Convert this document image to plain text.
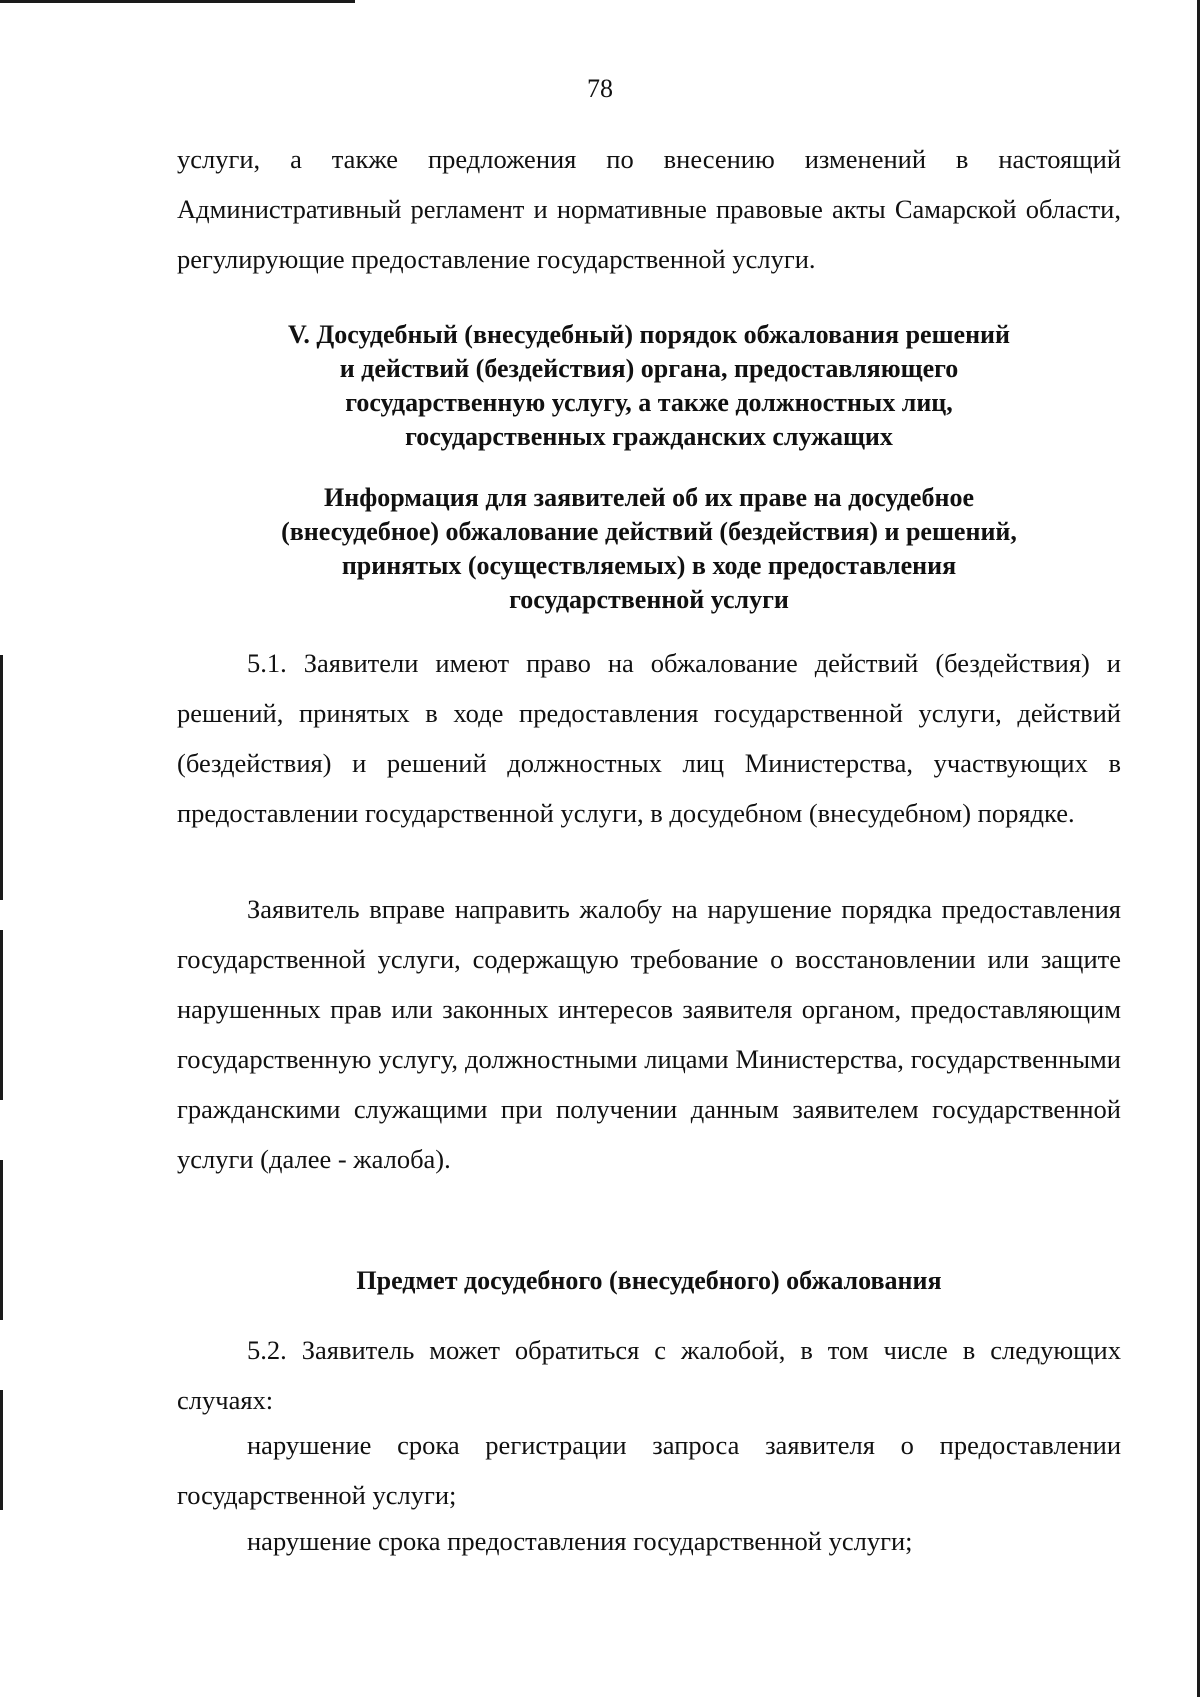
78

услуги, а также предложения по внесению изменений в настоящий Административный регламент и нормативные правовые акты Самарской области, регулирующие предоставление государственной услуги.

V. Досудебный (внесудебный) порядок обжалования решений
и действий (бездействия) органа, предоставляющего
государственную услугу, а также должностных лиц,
государственных гражданских служащих
Информация для заявителей об их праве на досудебное
(внесудебное) обжалование действий (бездействия) и решений,
принятых (осуществляемых) в ходе предоставления
государственной услуги

5.1. Заявители имеют право на обжалование действий (бездействия) и решений, принятых в ходе предоставления государственной услуги, действий (бездействия) и решений должностных лиц Министерства, участвующих в предоставлении государственной услуги, в досудебном (внесудебном) порядке.

Заявитель вправе направить жалобу на нарушение порядка предоставления государственной услуги, содержащую требование о восстановлении или защите нарушенных прав или законных интересов заявителя органом, предоставляющим государственную услугу, должностными лицами Министерства, государственными гражданскими служащими при получении данным заявителем государственной услуги (далее - жалоба).

Предмет досудебного (внесудебного) обжалования

5.2. Заявитель может обратиться с жалобой, в том числе в следующих случаях:

нарушение срока регистрации запроса заявителя о предоставлении государственной услуги;

нарушение срока предоставления государственной услуги;
